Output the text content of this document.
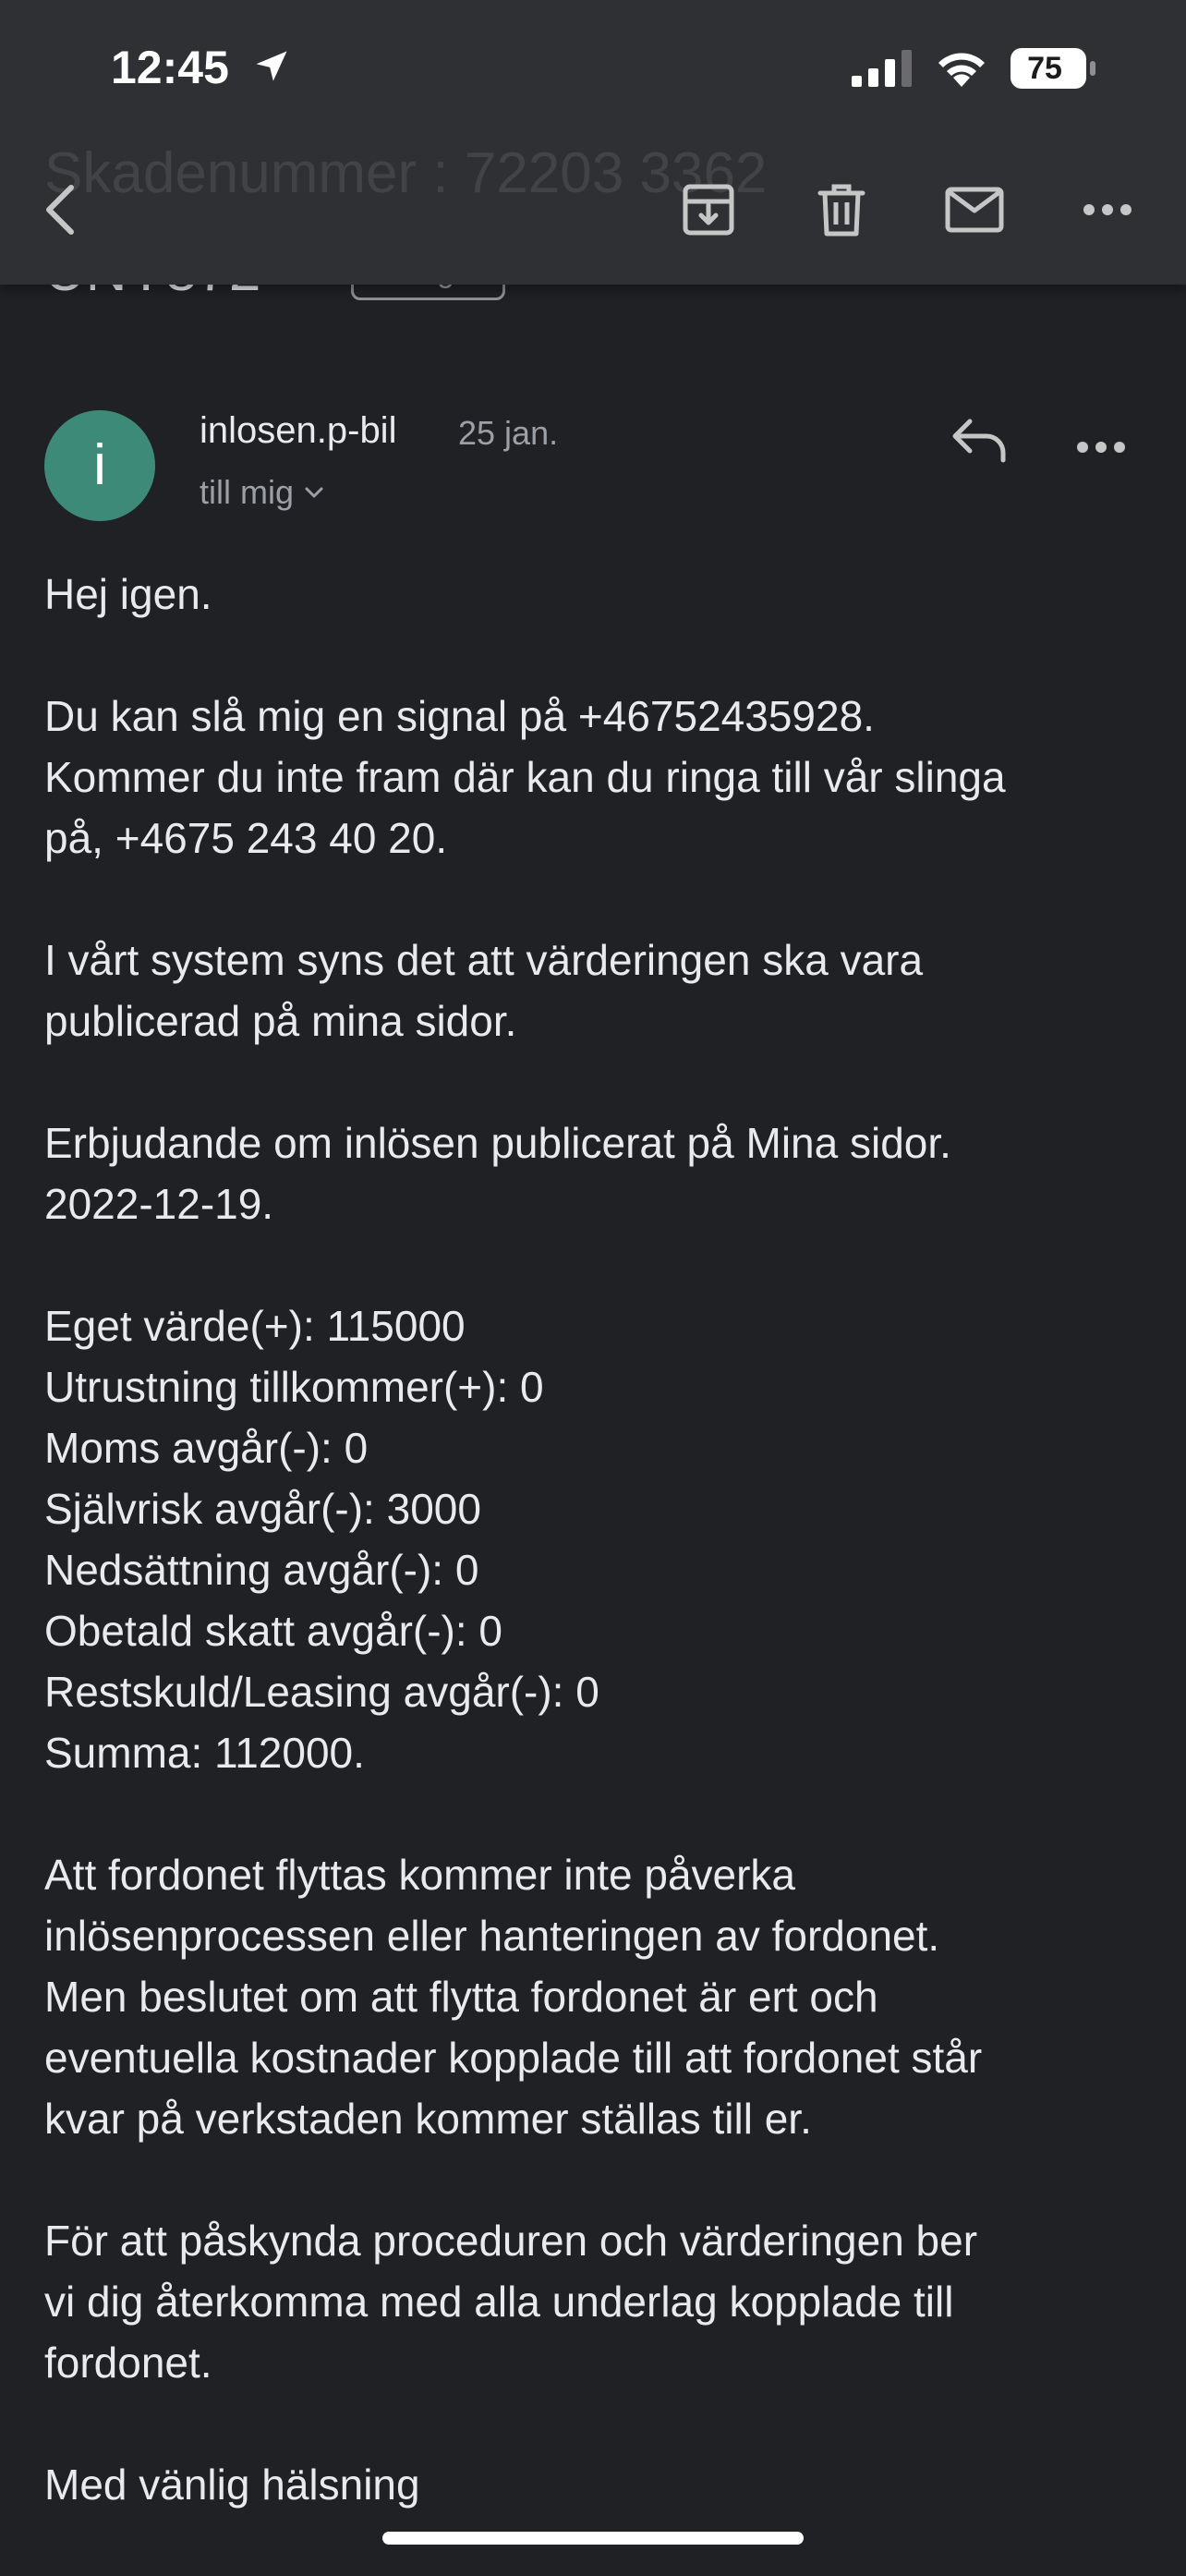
12:45	75
Skadenummer : 72203 3362
i
inlosen.p-bil 25 jan.
till mig
Hej igen.
Du kan slå mig en signal på +46752435928.
Kommer du inte fram där kan du ringa till vår slinga
på, +4675 243 40 20.
I vårt system syns det att värderingen ska vara
publicerad på mina sidor.
Erbjudande om inlösen publicerat på Mina sidor.
2022-12-19.
Eget värde(+): 115000
Utrustning tillkommer(+): 0
Moms avgår(-): 0
Självrisk avgår(-): 3000
Nedsättning avgår(-): 0
Obetald skatt avgår(-): 0
Restskuld/Leasing avgår(-): 0
Summa: 112000.
Att fordonet flyttas kommer inte påverka
inlösenprocessen eller hanteringen av fordonet.
Men beslutet om att flytta fordonet är ert och
eventuella kostnader kopplade till att fordonet står
kvar på verkstaden kommer ställas till er.
För att påskynda proceduren och värderingen ber
vi dig återkomma med alla underlag kopplade till
fordonet.
Med vänlig hälsning
